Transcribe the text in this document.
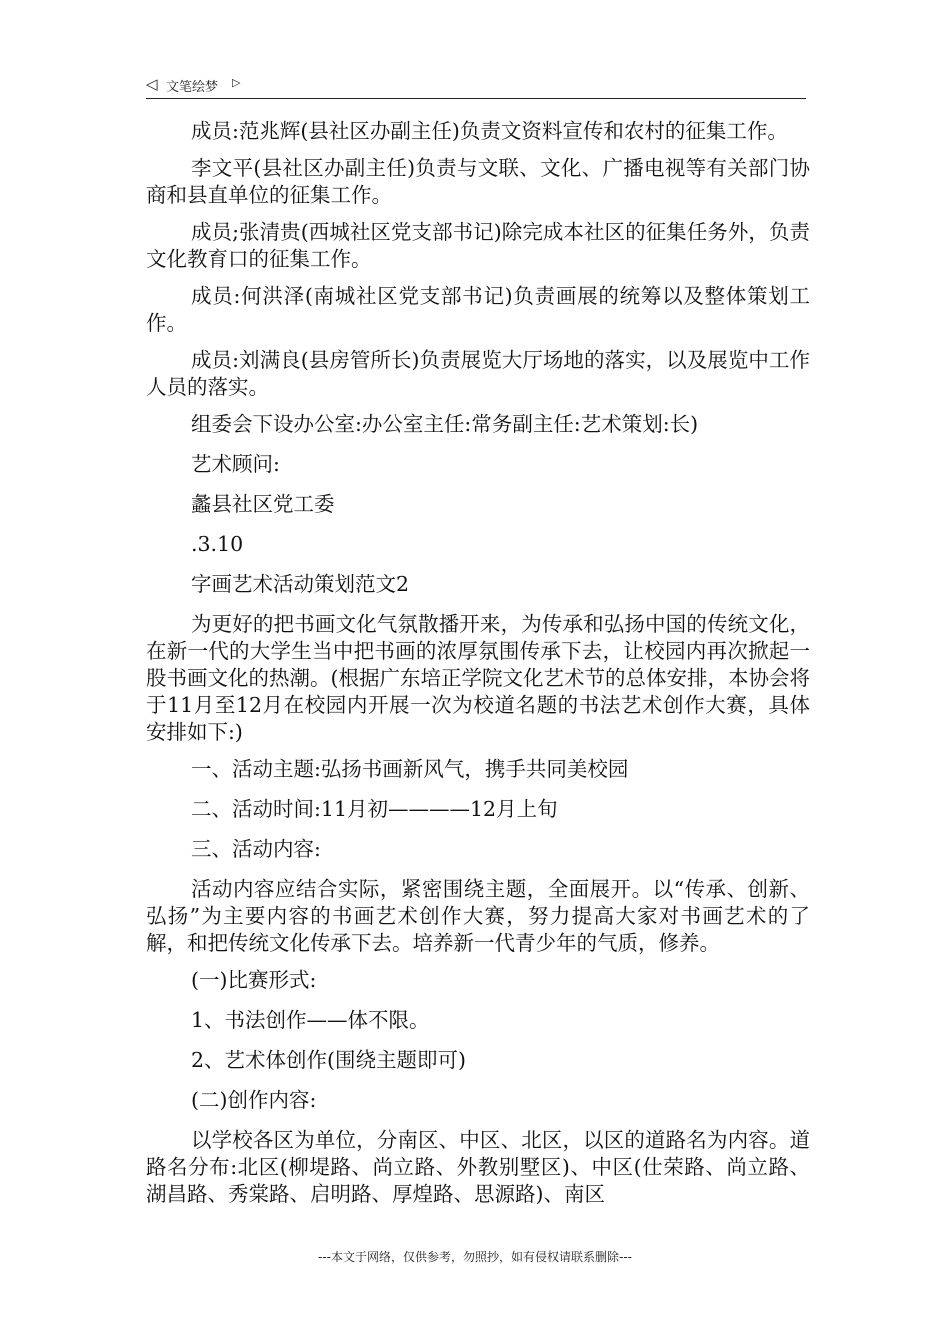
◁ 文笔绘梦 ▷

成员:范兆辉(县社区办副主任)负责文资料宣传和农村的征集工作。

李文平(县社区办副主任)负责与文联、文化、广播电视等有关部门协商和县直单位的征集工作。

成员;张清贵(西城社区党支部书记)除完成本社区的征集任务外，负责文化教育口的征集工作。

成员:何洪泽(南城社区党支部书记)负责画展的统筹以及整体策划工作。

成员:刘满良(县房管所长)负责展览大厅场地的落实，以及展览中工作人员的落实。

组委会下设办公室:办公室主任:常务副主任:艺术策划:长)

艺术顾问:

蠡县社区党工委

.3.10

字画艺术活动策划范文2

为更好的把书画文化气氛散播开来，为传承和弘扬中国的传统文化，在新一代的大学生当中把书画的浓厚氛围传承下去，让校园内再次掀起一股书画文化的热潮。(根据广东培正学院文化艺术节的总体安排，本协会将于11月至12月在校园内开展一次为校道名题的书法艺术创作大赛，具体安排如下:)

一、活动主题:弘扬书画新风气，携手共同美校园

二、活动时间:11月初————12月上旬

三、活动内容:

活动内容应结合实际，紧密围绕主题，全面展开。以“传承、创新、弘扬”为主要内容的书画艺术创作大赛，努力提高大家对书画艺术的了解，和把传统文化传承下去。培养新一代青少年的气质，修养。

(一)比赛形式:

1、书法创作——体不限。

2、艺术体创作(围绕主题即可)

(二)创作内容:

以学校各区为单位，分南区、中区、北区，以区的道路名为内容。道路名分布:北区(柳堤路、尚立路、外教别墅区)、中区(仕荣路、尚立路、湖昌路、秀棠路、启明路、厚煌路、思源路)、南区

---本文于网络，仅供参考，勿照抄，如有侵权请联系删除---
